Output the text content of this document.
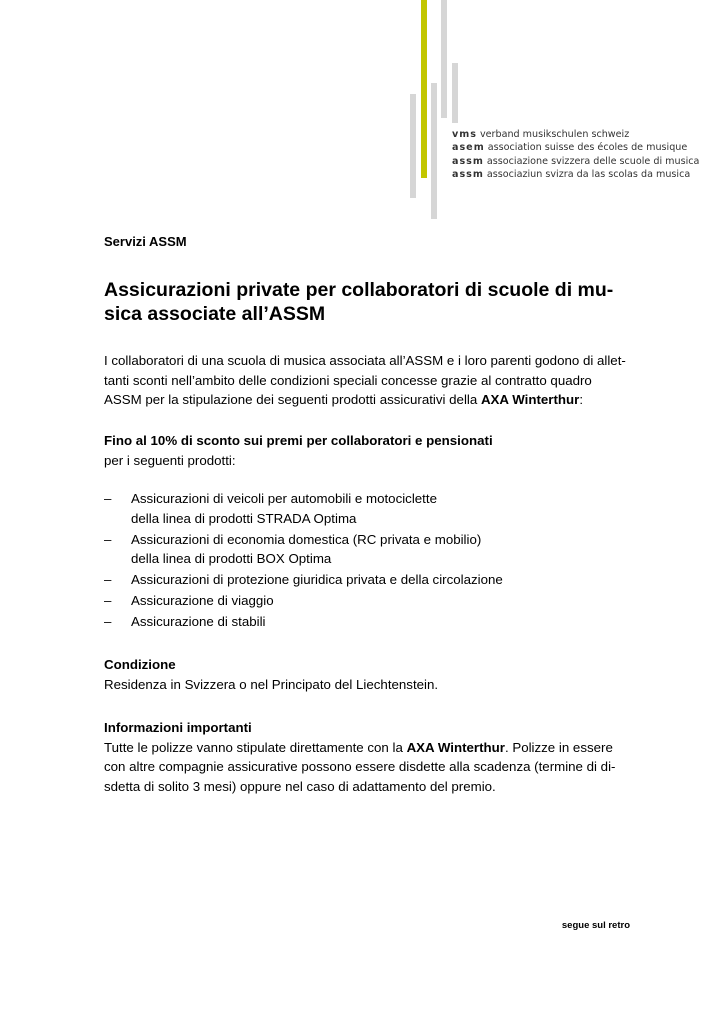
vms verband musikschulen schweiz
asem association suisse des écoles de musique
assm associazione svizzera delle scuole di musica
assm associaziun svizra da las scolas da musica
Servizi ASSM
Assicurazioni private per collaboratori di scuole di mu-
sica associate all’ASSM

I collaboratori di una scuola di musica associata all’ASSM e i loro parenti godono di allet-
tanti sconti nell’ambito delle condizioni speciali concesse grazie al contratto quadro
ASSM per la stipulazione dei seguenti prodotti assicurativi della AXA Winterthur:

Fino al 10% di sconto sui premi per collaboratori e pensionati
per i seguenti prodotti:

– Assicurazioni di veicoli per automobili e motociclette
della linea di prodotti STRADA Optima
– Assicurazioni di economia domestica (RC privata e mobilio)
della linea di prodotti BOX Optima
– Assicurazioni di protezione giuridica privata e della circolazione
– Assicurazione di viaggio
– Assicurazione di stabili

Condizione
Residenza in Svizzera o nel Principato del Liechtenstein.

Informazioni importanti
Tutte le polizze vanno stipulate direttamente con la AXA Winterthur. Polizze in essere
con altre compagnie assicurative possono essere disdette alla scadenza (termine di di-
sdetta di solito 3 mesi) oppure nel caso di adattamento del premio.

segue sul retro
